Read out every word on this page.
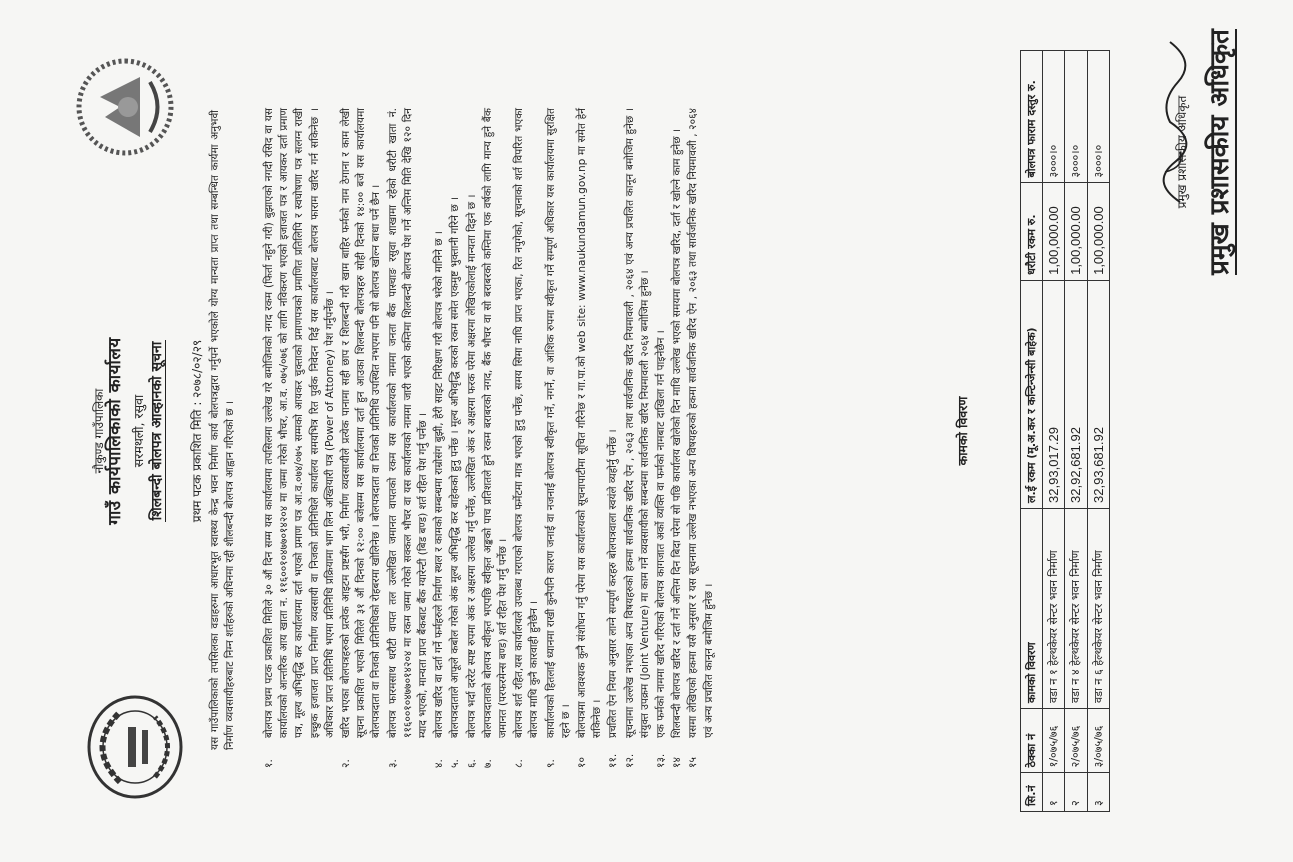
नौकुण्ड गाउँपालिका गाउँ कार्यपालिकाको कार्यालय सरमथली, रसुवा शिलबन्दी बोलपत्र आव्हानको सूचना प्रथम पटक प्रकाशित मिति : २०७८/०२/२९ यस गाउँपालिकाको तपसिलका वडाहरुमा आधारभूत स्वास्थ्य केन्द्र भवन निर्माण कार्य बोलपत्रद्वारा गर्नुपर्ने भएकोले योग्य मान्यता प्राप्त तथा सम्बन्धित कार्यमा अनुभवी निर्माण व्यवसायीहरुबाट निम्न शर्तहरुको अधिनमा रही शीलबन्दी बोलपत्र आह्वान गरिएको छ ।
१.
बोलपत्र प्रथम पटक प्रकाशित मितिले ३० औं दिन सम्म यस कार्यालयमा तपसिलमा उल्लेख गरे बमोजिमको नगद रकम (फिर्ता नहुने गरी) बुझाएको नगदी रसिद वा यस कार्यालयको आन्तरिक आय खाता न. ११६००१०४७७०१४२०४ मा जम्मा गरेको भौचर, आ.व. ०७५/०७६ को लागि नविकरण भएको इजाजत पत्र र आयकर दर्ता प्रमाण पत्र, मूल्य अभिवृद्धि कर कार्यालयमा दर्ता भएको प्रमाण पत्र आ.व.०७४/०७५ सम्मको आयकर चुक्ताको प्रमाणपत्रको प्रमाणित प्रतिलिपि र स्वघोषणा पत्र सलग्न राखी इच्छुक इजाजत प्राप्त निर्माण व्यवसायी वा निजको प्रतिनिधिले कार्यालय समयभित्र रित पुर्वक निवेदन दिई यस कार्यालयबाट बोलपत्र फाराम खरिद गर्न सकिनेछ । अधिकार प्राप्त प्रतिनिधि भएमा प्रतिनिधि प्रक्रियामा भाग लिन अख्तियारी पत्र (Power of Attorney) पेश गर्नुपर्नेछ ।
२.
खरिद भएका बोलपत्रहरुको प्रत्येक आइटम प्रष्टसँग भरी, निर्माण व्यवसायीले प्रत्येक पानामा सही छाप र शिलबन्दी गरी खाम बाहिर फर्मको नाम ठेगाना र काम लेखी सूचना प्रकाशित भएको मितिले ३१ औं दिनको १२:०० बजेसम्म यस कार्यालयमा दर्ता हुन आउका शिलबन्दी बोलपत्रहरु सोही दिनको १४:०० बजे यस कार्यालयमा बोलपत्रदाता वा निजको प्रतिनिधिको रोहबरमा खोलिनेछ । बोलपत्रदाता वा निजको प्रतिनिधि उपस्थित नभएमा पनि सो बोलपत्र खोल्न बाधा पर्ने छैन ।
३.
बोलपत्र फारमसाथ धरौटी वापत तल उल्लेखित जमानत वापतको रकम यस कार्यालयको नाममा जनता बैंक पास्चाङ रसुवा शाखामा रहेको धरौटी खाता नं. ११६००१०४७७०१४२०४ मा रकम जम्मा गरेको सक्कल भौचर वा यस कार्यालयको नाममा जारी भएको कम्तिमा शिलबन्दी बोलपत्र पेश गर्ने अन्तिम मिति देखि १२० दिन म्याद भएको, मान्यता प्राप्त बैंकबाट बैंक ग्यारेन्टी (बिड बण्ड) शर्त रहित पेश गर्नु पर्नेछ ।
४.
बोलपत्र खरिद वा दर्ता गर्ने फर्महरुले निर्माण स्थल र कामको सम्बन्धमा राम्रोसंग बुझी, हेरी साइट निरिक्षण गरी बोलपत्र भरेको मानिने छ ।
५.
बोलपत्रदाताले आफूले कबोल गरेको अंक मूल्य अभिवृद्धि कर बाहेकको हुनु पर्नेछ । मूल्य अभिवृद्धि करको रकम समेत एकमुष्ट भुक्तानी गरिने छ ।
६.
बोलपत्र भर्दा दररेट स्पष्ट रुपमा अंक र अक्षरमा उल्लेख गर्नु पर्नेछ, उल्लेखित अंक र अक्षरमा फरक परेमा अक्षरमा लेखिएकोलाई मान्यता दिइने छ ।
७.
बोलपत्रदाताको बोलपत्र स्वीकृत भएपछि स्वीकृत अङ्कको पाच प्रतिशतले हुने रकम बराबरको नगद, बैंक भौचर वा सो बराबरको कम्तिमा एक वर्षको लागि मान्य हुने बैंक जमानत (परफरमेन्स बण्ड) शर्त रहित पेश गर्नु पर्नेछ ।
८.
बोलपत्र शर्त रहित,यस कार्यालयले उपलब्ध गराएको बोलपत्र फर्मेटमा मात्र भएको हुनु पर्नेछ, समय सिमा नाघि प्राप्त भएका, रित नपुगेको, सूचनाको शर्त विपरित भएका बोलपत्र माथि कुनै कारवाही हुनेछैन ।
९.
कार्यालयको हितलाई ध्यानमा राखी कुनैपनि कारण जनाई वा नजनाई बोलपत्र स्वीकृत गर्ने, नगर्ने, वा आंशिक रुपमा स्वीकृत गर्ने सम्पूर्ण अधिकार यस कार्यालयमा सुरक्षित रहने छ ।
१०
बोलपत्रमा आवश्यक कुनै संशोधन गर्नु परेमा यस कार्यालयको सूचनापाटीमा सूचित गरिनेछ र गा.पा.को web site: www.naukundamun.gov.np मा समेत हेर्न सकिनेछ ।
११.
प्रचलित ऐन नियम अनुसार लाग्ने सम्पूर्ण करहरु बोलपत्रवाला स्वयंले व्यहोर्नु पर्नेछ ।
१२.
सूचनामा उल्लेख नभएका अन्य विषयहरुको हकमा सार्वजनिक खरिद ऐन , २०६३ तथा सार्वजनिक खरिद नियमावली , २०६४ एवं अन्य प्रचलित कानून बमोजिम हुनेछ । संयुक्त उपक्रम (Joint Venture) मा काम गर्ने व्यवसायीको सम्बन्धमा सार्वजनिक खरिद नियमावली २०६४ बमोजिम हुनेछ ।
१३.
एक फर्मको नाममा खरिद गरिएको बोलपत्र कागजात अर्को व्यक्ति वा फर्मको नामबाट दाखिला गर्न पाइनेछैन ।
१४
शिलबन्दी बोलपत्र खरिद र दर्ता गर्ने अन्तिम दिन बिदा परेमा सो पछि कार्यालय खोलेको दिन माथि उल्लेख भएको समयमा बोलपत्र खरिद, दर्ता र खोल्ने काम हुनेछ ।
१५
यसमा लेखिएको हकमा यसै अनुसार र यस सूचनामा उल्लेख नभएका अन्य विषयहरुको हकमा सार्वजनिक खरिद ऐन , २०६३ तथा सार्वजनिक खरिद नियमावली , २०६४ एवं अन्य प्रचलित कानून बमोजिम हुनेछ ।
कामको विवरण
सि.नं	ठेक्का नं	कामको विवरण	ल.ई रकम (मू.अ.कर र कन्टिन्जेन्सी बाहेक)	धरौटी रकम रु.	बोलपत्र फाराम दस्तुर रु.
१	१/०७५/७६	वडा न १ हेल्थकेयर सेन्टर भवन निर्माण	32,93,017.29	1,00,000.00	३०००।०
२	२/०७५/७६	वडा न ४ हेल्थकेयर सेन्टर भवन निर्माण	32,92,681.92	1,00,000.00	३०००।०
३	३/०७५/७६	वडा न ६ हेल्थकेयर सेन्टर भवन निर्माण	32,93,681.92	1,00,000.00	३०००।०	प्रमुख प्रशासकीय अधिकृत प्रमुख प्रशासकीय अधिकृत
